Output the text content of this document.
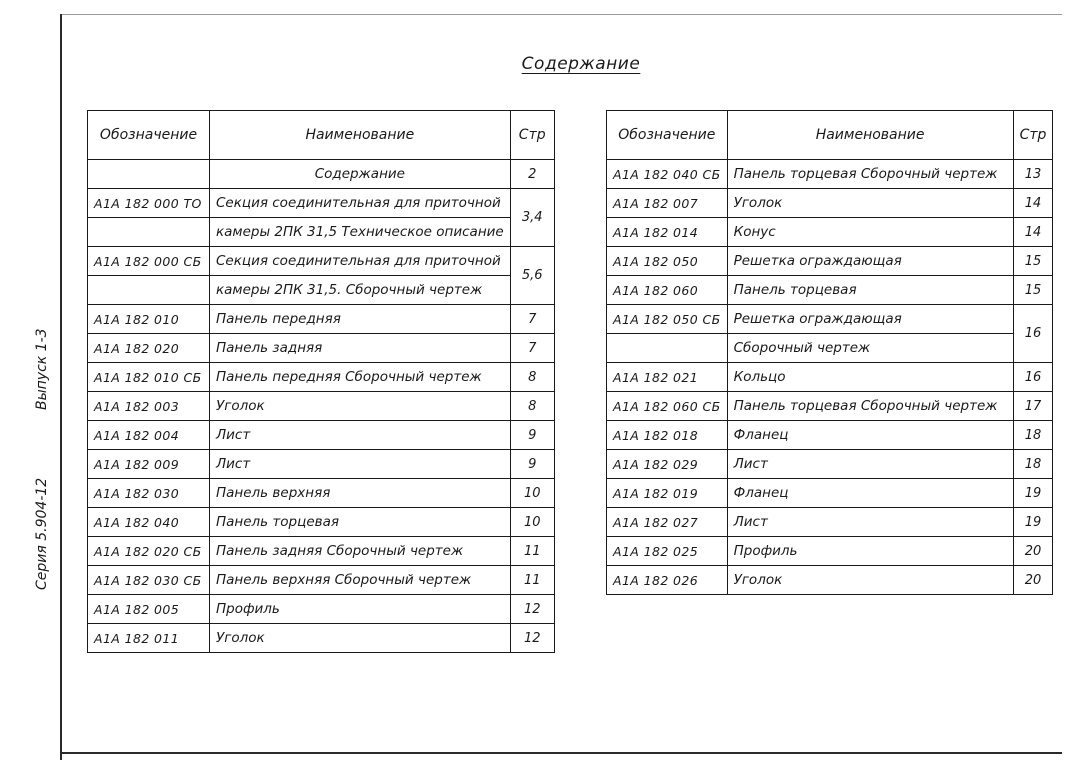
Содержание
Серия 5.904-12
Выпуск 1-3
Обозначение	Наименование	Стр
	Содержание	2
А1А 182 000 ТО	Секция соединительная для приточной	3,4
	камеры 2ПК 31,5 Техническое описание	
А1А 182 000 СБ	Секция соединительная для приточной	5,6
	камеры 2ПК 31,5. Сборочный чертеж	
А1А 182 010	Панель передняя	7
А1А 182 020	Панель задняя	7
А1А 182 010 СБ	Панель передняя Сборочный чертеж	8
А1А 182 003	Уголок	8
А1А 182 004	Лист	9
А1А 182 009	Лист	9
А1А 182 030	Панель верхняя	10
А1А 182 040	Панель торцевая	10
А1А 182 020 СБ	Панель задняя Сборочный чертеж	11
А1А 182 030 СБ	Панель верхняя Сборочный чертеж	11
А1А 182 005	Профиль	12
А1А 182 011	Уголок	12
Обозначение	Наименование	Стр
А1А 182 040 СБ	Панель торцевая Сборочный чертеж	13
А1А 182 007	Уголок	14
А1А 182 014	Конус	14
А1А 182 050	Решетка ограждающая	15
А1А 182 060	Панель торцевая	15
А1А 182 050 СБ	Решетка ограждающая	16
	Сборочный чертеж	
А1А 182 021	Кольцо	16
А1А 182 060 СБ	Панель торцевая Сборочный чертеж	17
А1А 182 018	Фланец	18
А1А 182 029	Лист	18
А1А 182 019	Фланец	19
А1А 182 027	Лист	19
А1А 182 025	Профиль	20
А1А 182 026	Уголок	20
